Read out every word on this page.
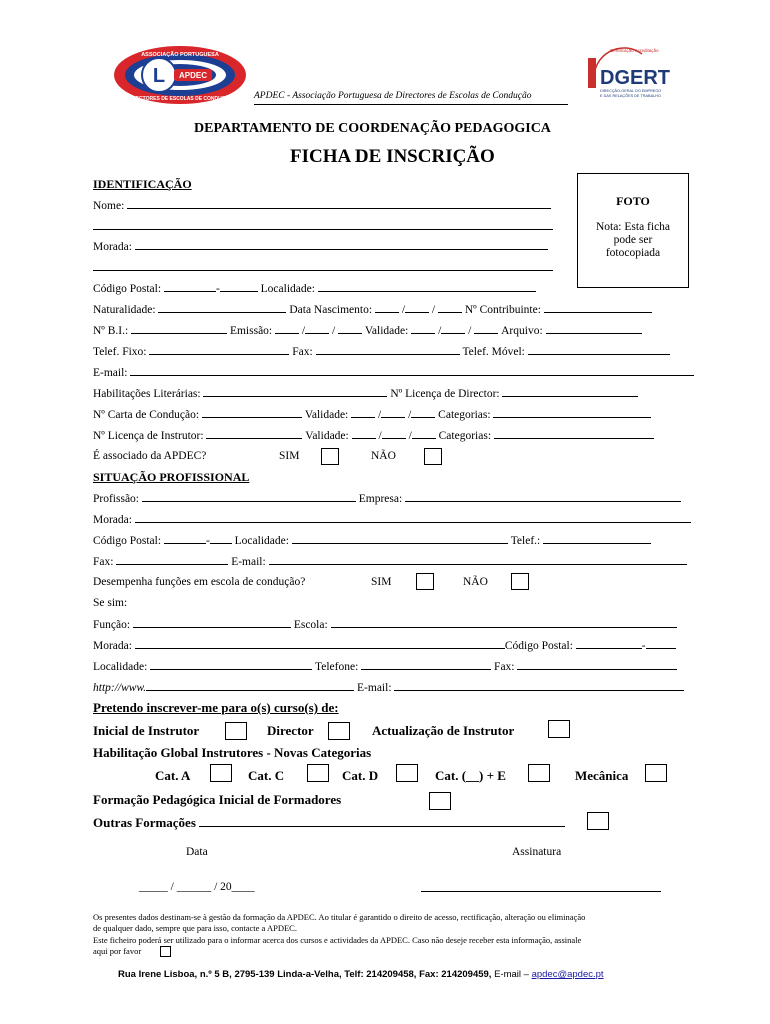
L APDEC
ASSOCIAÇÃO PORTUGUESA
DIRECTORES DE ESCOLAS DE CONDUÇÃO
DGERT
Certificação Acreditação
DIRECÇÃO-GERAL DO EMPREGO
E DAS RELAÇÕES DE TRABALHO
APDEC - Associação Portuguesa de Directores de Escolas de Condução
DEPARTAMENTO DE COORDENAÇÃO PEDAGOGICA
FICHA DE INSCRIÇÃO
FOTO
Nota: Esta ficha
pode ser
fotocopiada
IDENTIFICAÇÃO
Nome:
Morada:
Código Postal:	-	Localidade:
Naturalidade:	Data Nascimento:	/ /	Nº Contribuinte:
Nº B.I.:	Emissão:	/ /	Validade:	/ /	Arquivo:
Telef. Fixo:	Fax:	Telef. Móvel:
E-mail:
Habilitações Literárias:	Nº Licença de Director:
Nº Carta de Condução:	Validade:	/ / Categorias:
Nº Licença de Instrutor:	Validade:	/ / Categorias:
É associado da APDEC?	SIM	NÃO
SITUAÇÃO PROFISSIONAL
Profissão:	Empresa:
Morada:
Código Postal:	- Localidade:	Telef.:
Fax:	E-mail:
Desempenha funções em escola de condução?	SIM	NÃO
Se sim:
Função:	Escola:
Morada:	Código Postal:	-
Localidade:	Telefone:	Fax:
http://www.	E-mail:
Pretendo inscrever-me para o(s) curso(s) de:
Inicial de Instrutor	Director	Actualização de Instrutor
Habilitação Global Instrutores - Novas Categorias
Cat. A	Cat. C	Cat. D	Cat. (__) + E	Mecânica
Formação Pedagógica Inicial de Formadores
Outras Formações
Data	Assinatura
_____ / ______ / 20____
Os presentes dados destinam-se à gestão da formação da APDEC. Ao titular é garantido o direito de acesso, rectificação, alteração ou eliminação
de qualquer dado, sempre que para isso, contacte a APDEC.
Este ficheiro poderá ser utilizado para o informar acerca dos cursos e actividades da APDEC. Caso não deseje receber esta informação, assinale
aqui por favor
Rua Irene Lisboa, n.º 5 B, 2795-139 Linda-a-Velha, Telf: 214209458, Fax: 214209459, E-mail – apdec@apdec.pt
